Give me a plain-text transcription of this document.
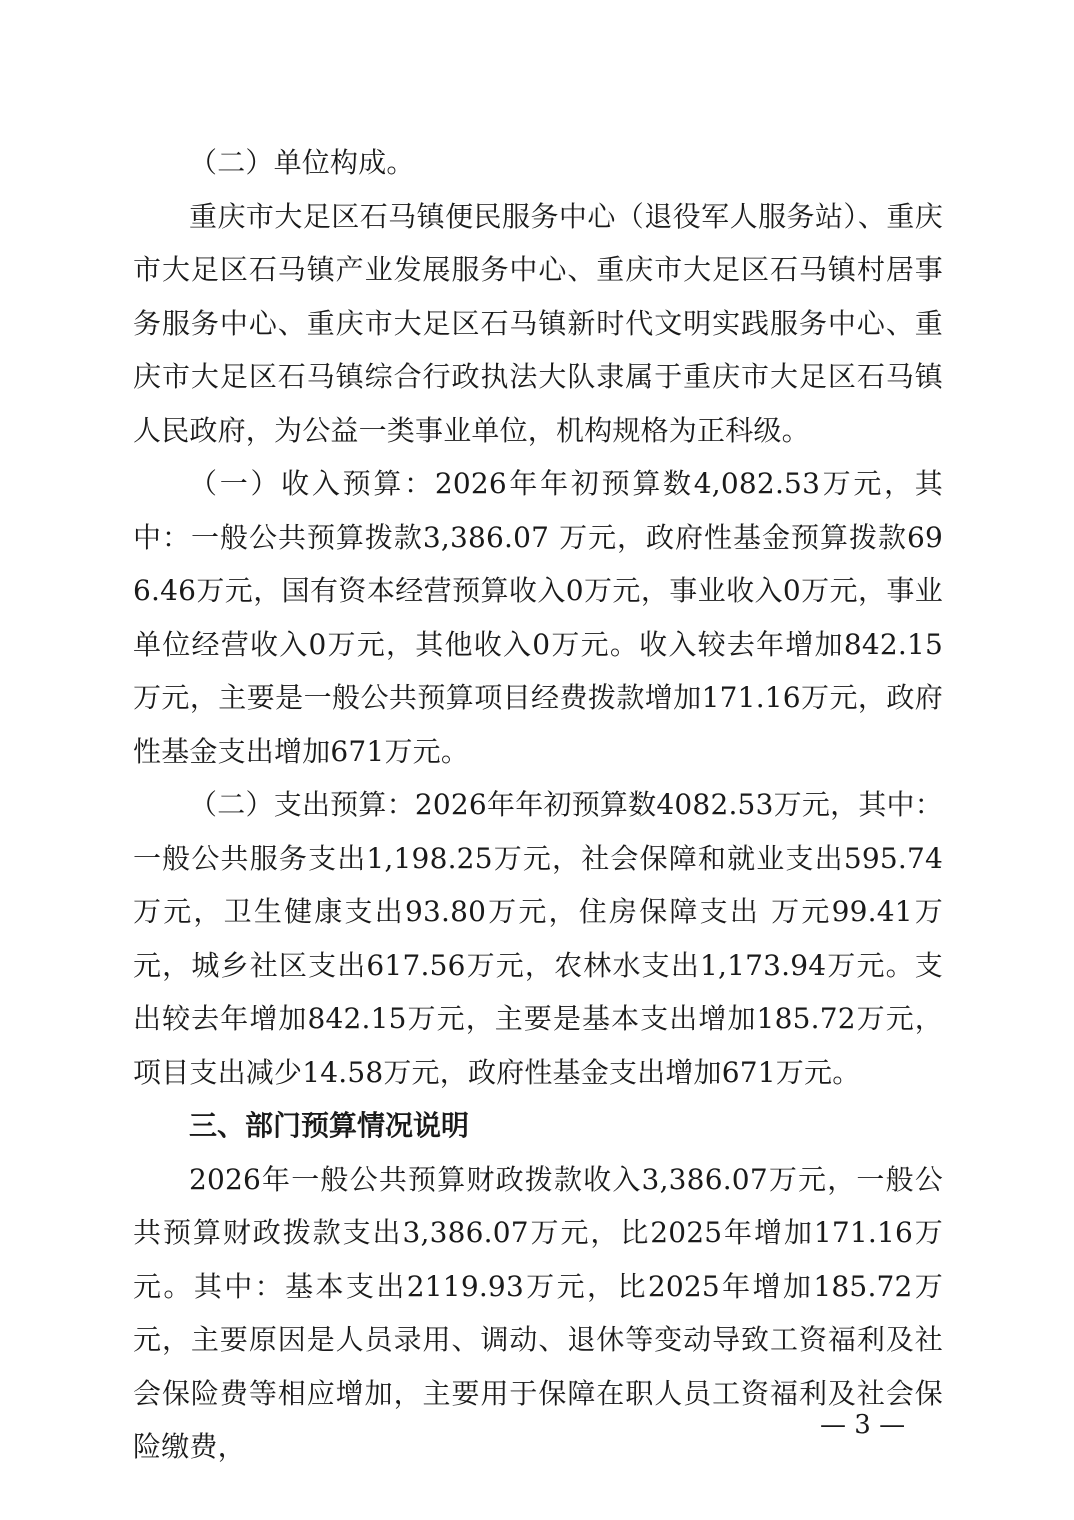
（二）单位构成。

重庆市大足区石马镇便民服务中心（退役军人服务站）、重庆市大足区石马镇产业发展服务中心、重庆市大足区石马镇村居事务服务中心、重庆市大足区石马镇新时代文明实践服务中心、重庆市大足区石马镇综合行政执法大队隶属于重庆市大足区石马镇人民政府，为公益一类事业单位，机构规格为正科级。

（一）收入预算：2026年年初预算数4,082.53万元，其中：一般公共预算拨款3,386.07 万元，政府性基金预算拨款696.46万元，国有资本经营预算收入0万元，事业收入0万元，事业单位经营收入0万元，其他收入0万元。收入较去年增加842.15万元，主要是一般公共预算项目经费拨款增加171.16万元，政府性基金支出增加671万元。

（二）支出预算：2026年年初预算数4082.53万元，其中：一般公共服务支出1,198.25万元，社会保障和就业支出595.74万元，卫生健康支出93.80万元，住房保障支出 万元99.41万元，城乡社区支出617.56万元，农林水支出1,173.94万元。支出较去年增加842.15万元，主要是基本支出增加185.72万元，项目支出减少14.58万元，政府性基金支出增加671万元。

三、部门预算情况说明

2026年一般公共预算财政拨款收入3,386.07万元，一般公共预算财政拨款支出3,386.07万元，比2025年增加171.16万元。其中：基本支出2119.93万元，比2025年增加185.72万元，主要原因是人员录用、调动、退休等变动导致工资福利及社会保险费等相应增加，主要用于保障在职人员工资福利及社会保险缴费，

— 3 —
